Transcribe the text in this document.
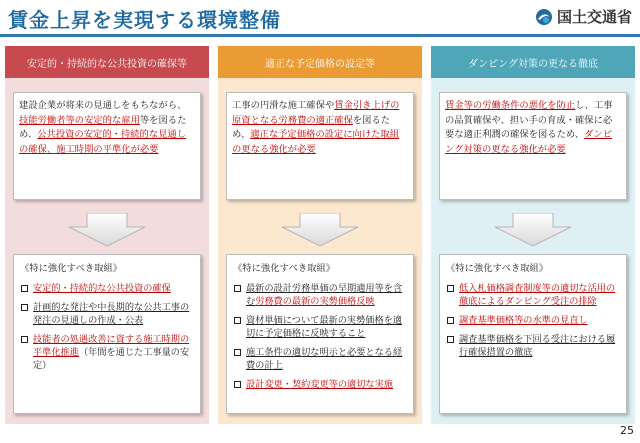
賃金上昇を実現する環境整備	国土交通省
安定的・持続的な公共投資の確保等
建設企業が将来の見通しをもちながら、技能労働者等の安定的な雇用等を図るため、公共投資の安定的・持続的な見通しの確保、施工時期の平準化が必要
《特に強化すべき取組》
安定的・持続的な公共投資の確保
計画的な発注や中長期的な公共工事の発注の見通しの作成・公表
技能者の処遇改善に資する施工時期の平準化推進（年間を通じた工事量の安定）
適正な予定価格の設定等
工事の円滑な施工確保や賃金引き上げの原資となる労務費の適正確保を図るため、適正な予定価格の設定に向けた取組の更なる強化が必要
《特に強化すべき取組》
最新の設計労務単価の早期適用等を含む労務費の最新の実勢価格反映
資材単価について最新の実勢価格を適切に予定価格に反映すること
施工条件の適切な明示と必要となる経費の計上
設計変更・契約変更等の適切な実施
ダンピング対策の更なる徹底
賃金等の労働条件の悪化を防止し、工事の品質確保や、担い手の育成・確保に必要な適正利潤の確保を図るため、ダンピング対策の更なる強化が必要
《特に強化すべき取組》
低入札価格調査制度等の適切な活用の徹底によるダンピング受注の排除
調査基準価格等の水準の見直し
調査基準価格を下回る受注における履行確保措置の徹底
25
